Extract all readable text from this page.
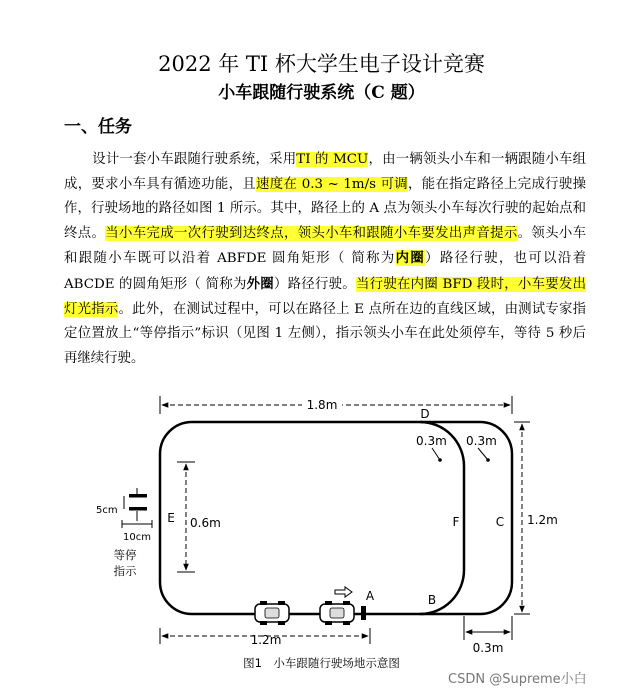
2022 年 TI 杯大学生电子设计竞赛
小车跟随行驶系统（C 题）
一、任务
设计一套小车跟随行驶系统，采用TI 的 MCU，由一辆领头小车和一辆跟随小车组成，要求小车具有循迹功能，且速度在 0.3 ~ 1m/s 可调，能在指定路径上完成行驶操作，行驶场地的路径如图 1 所示。其中，路径上的 A 点为领头小车每次行驶的起始点和终点。当小车完成一次行驶到达终点，领头小车和跟随小车要发出声音提示。领头小车和跟随小车既可以沿着 ABFDE 圆角矩形（ 简称为内圈）路径行驶，也可以沿着 ABCDE 的圆角矩形（ 简称为外圈）路径行驶。当行驶在内圈 BFD 段时，小车要发出灯光指示。此外，在测试过程中，可以在路径上 E 点所在边的直线区域，由测试专家指定位置放上“等停指示”标识（见图 1 左侧），指示领头小车在此处须停车，等待 5 秒后再继续行驶。
1.8m
0.3m 0.3m
D
E	F	C
B
A
0.6m	1.2m
1.2m
0.3m
5cm
10cm
等停
指示
图1　小车跟随行驶场地示意图
CSDN @Supreme小白
